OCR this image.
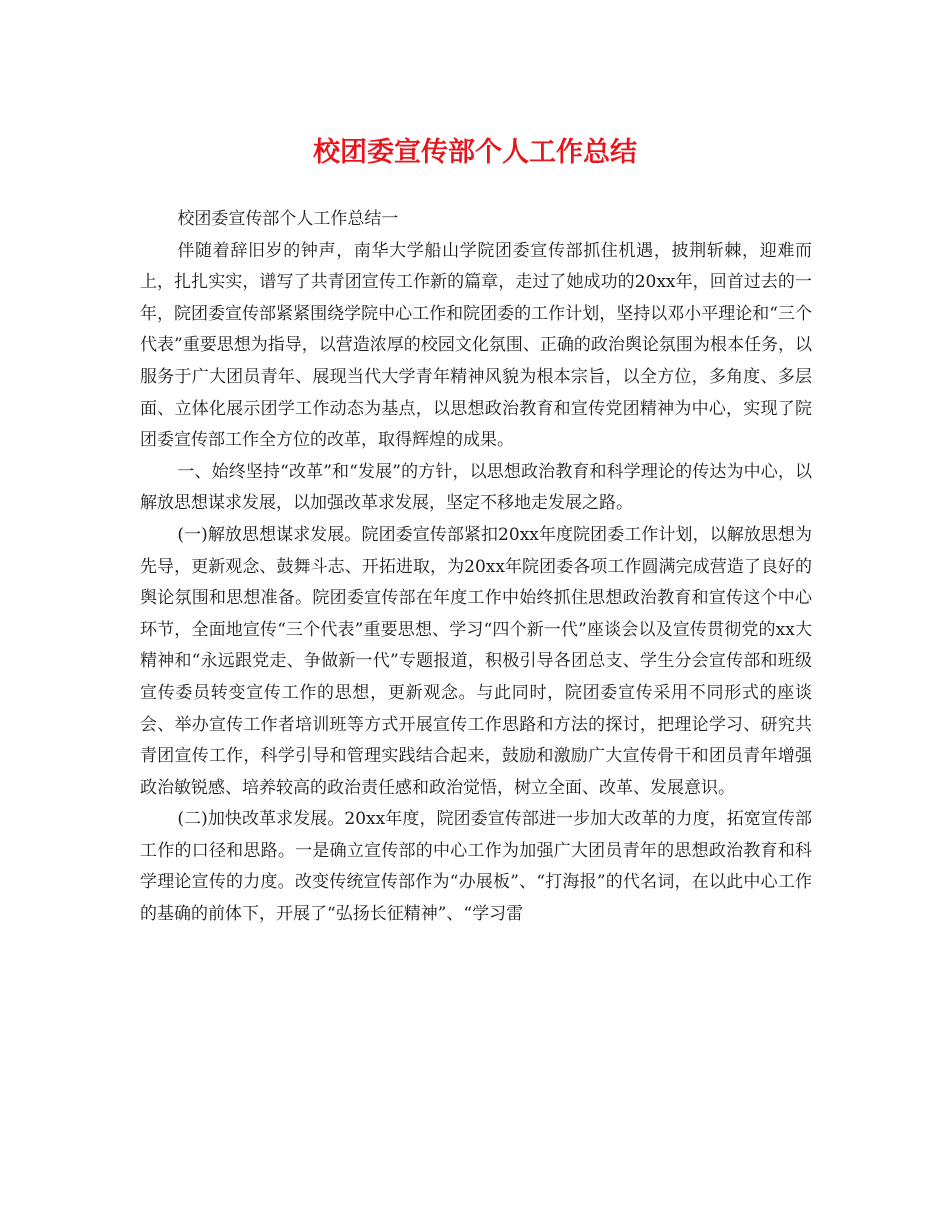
校团委宣传部个人工作总结

校团委宣传部个人工作总结一

伴随着辞旧岁的钟声，南华大学船山学院团委宣传部抓住机遇，披荆斩棘，迎难而上，扎扎实实，谱写了共青团宣传工作新的篇章，走过了她成功的20xx年，回首过去的一年，院团委宣传部紧紧围绕学院中心工作和院团委的工作计划，坚持以邓小平理论和“三个代表”重要思想为指导，以营造浓厚的校园文化氛围、正确的政治舆论氛围为根本任务，以服务于广大团员青年、展现当代大学青年精神风貌为根本宗旨，以全方位，多角度、多层面、立体化展示团学工作动态为基点，以思想政治教育和宣传党团精神为中心，实现了院团委宣传部工作全方位的改革，取得辉煌的成果。

一、始终坚持“改革”和“发展”的方针，以思想政治教育和科学理论的传达为中心，以解放思想谋求发展，以加强改革求发展，坚定不移地走发展之路。

(一)解放思想谋求发展。院团委宣传部紧扣20xx年度院团委工作计划，以解放思想为先导，更新观念、鼓舞斗志、开拓进取，为20xx年院团委各项工作圆满完成营造了良好的舆论氛围和思想准备。院团委宣传部在年度工作中始终抓住思想政治教育和宣传这个中心环节，全面地宣传“三个代表”重要思想、学习“四个新一代”座谈会以及宣传贯彻党的xx大精神和“永远跟党走、争做新一代”专题报道，积极引导各团总支、学生分会宣传部和班级宣传委员转变宣传工作的思想，更新观念。与此同时，院团委宣传采用不同形式的座谈会、举办宣传工作者培训班等方式开展宣传工作思路和方法的探讨，把理论学习、研究共青团宣传工作，科学引导和管理实践结合起来，鼓励和激励广大宣传骨干和团员青年增强政治敏锐感、培养较高的政治责任感和政治觉悟，树立全面、改革、发展意识。

(二)加快改革求发展。20xx年度，院团委宣传部进一步加大改革的力度，拓宽宣传部工作的口径和思路。一是确立宣传部的中心工作为加强广大团员青年的思想政治教育和科学理论宣传的力度。改变传统宣传部作为“办展板”、“打海报”的代名词，在以此中心工作的基确的前体下，开展了“弘扬长征精神”、“学习雷
